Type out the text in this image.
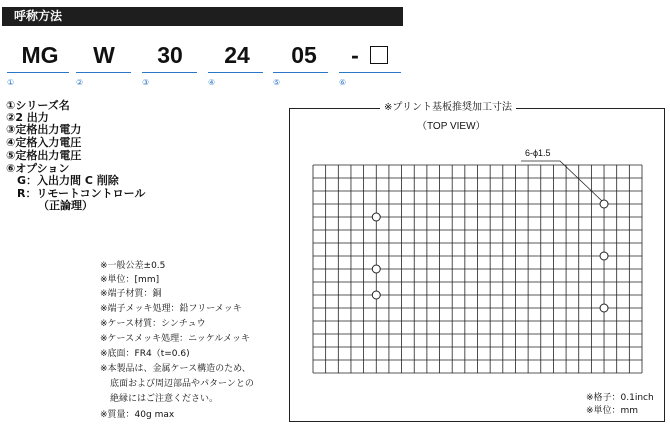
呼称方法
MG	W	30	24	05	-
①	②	③	④	⑤	⑥
①シリーズ名
②2 出力
③定格出力電力
④定格入力電圧
⑤定格出力電圧
⑥オプション
G：入出力間 C 削除
R：リモートコントロール
（正論理）
※一般公差±0.5
※単位：[mm]
※端子材質：銅
※端子メッキ処理：鉛フリーメッキ
※ケース材質：シンチュウ
※ケースメッキ処理：ニッケルメッキ
※底面：FR4（t=0.6)
※本製品は、金属ケース構造のため、
底面および周辺部品やパターンとの
絶縁にはご注意ください。
※質量：40g max
※プリント基板推奨加工寸法
（TOP VIEW）
6-ϕ1.5
※格子：0.1inch
※単位：mm
